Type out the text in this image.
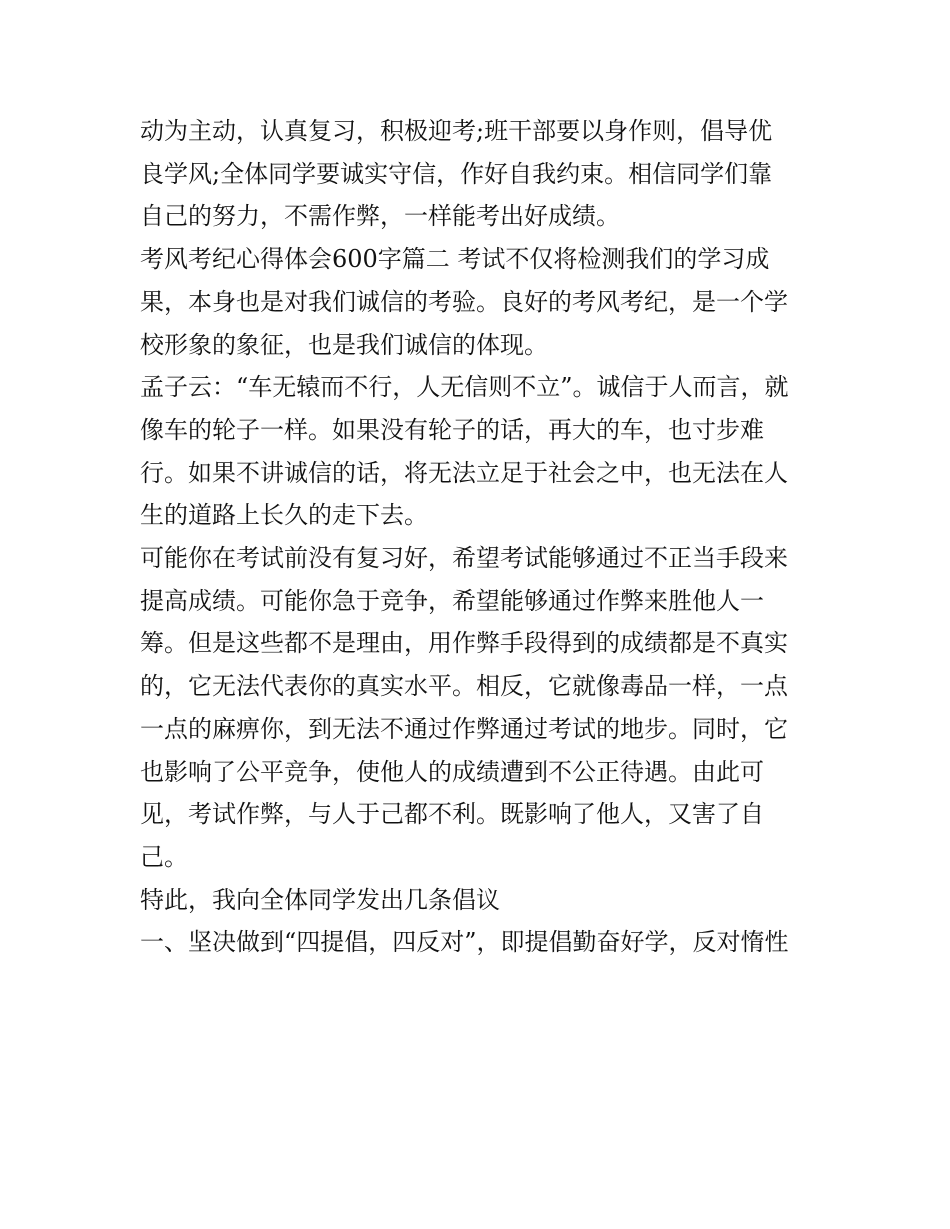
动为主动，认真复习，积极迎考;班干部要以身作则，倡导优
良学风;全体同学要诚实守信，作好自我约束。相信同学们靠
自己的努力，不需作弊，一样能考出好成绩。

考风考纪心得体会600字篇二 考试不仅将检测我们的学习成
果，本身也是对我们诚信的考验。良好的考风考纪，是一个学
校形象的象征，也是我们诚信的体现。

孟子云：“车无辕而不行，人无信则不立”。诚信于人而言，就
像车的轮子一样。如果没有轮子的话，再大的车，也寸步难
行。如果不讲诚信的话，将无法立足于社会之中，也无法在人
生的道路上长久的走下去。

可能你在考试前没有复习好，希望考试能够通过不正当手段来
提高成绩。可能你急于竞争，希望能够通过作弊来胜他人一
筹。但是这些都不是理由，用作弊手段得到的成绩都是不真实
的，它无法代表你的真实水平。相反，它就像毒品一样，一点
一点的麻痹你，到无法不通过作弊通过考试的地步。同时，它
也影响了公平竞争，使他人的成绩遭到不公正待遇。由此可
见，考试作弊，与人于己都不利。既影响了他人，又害了自
己。

特此，我向全体同学发出几条倡议

一、坚决做到“四提倡，四反对”，即提倡勤奋好学，反对惰性
